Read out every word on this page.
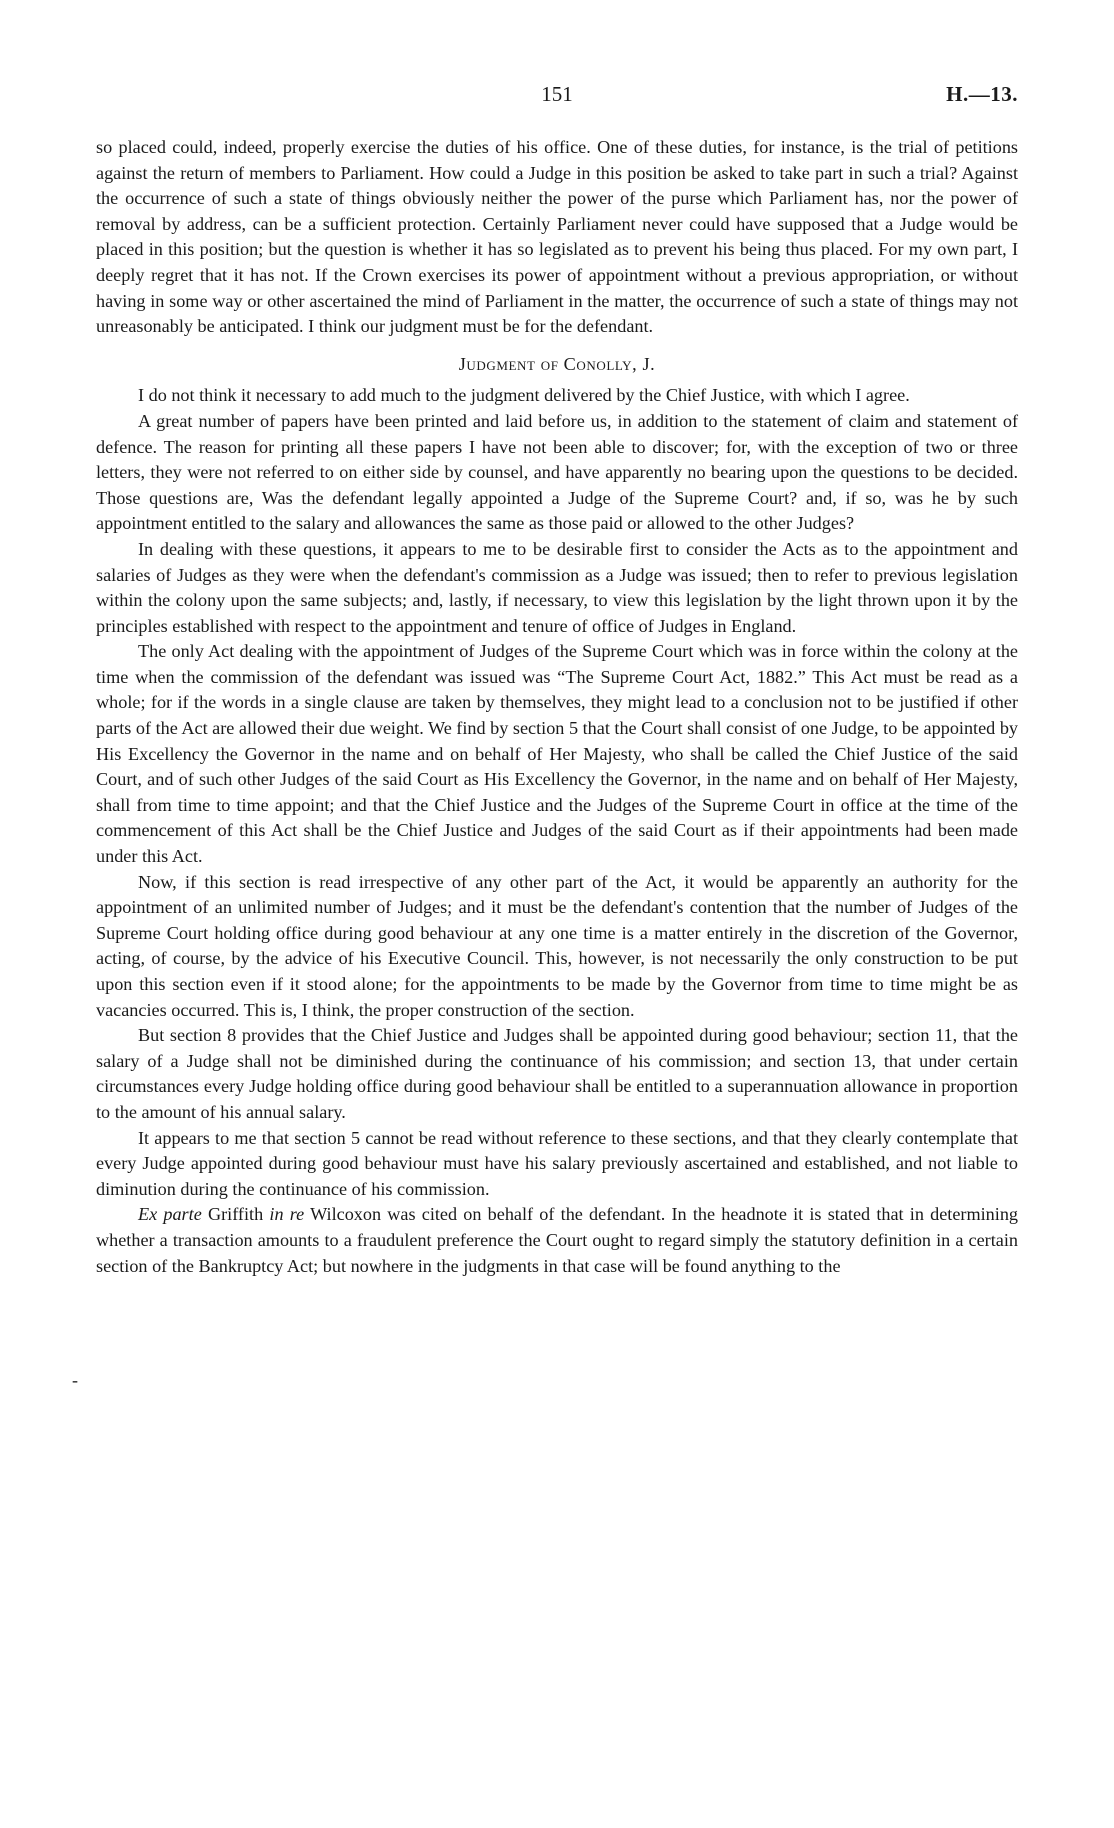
151	H.—13.
-

so placed could, indeed, properly exercise the duties of his office. One of these duties, for instance, is the trial of petitions against the return of members to Parliament. How could a Judge in this position be asked to take part in such a trial? Against the occurrence of such a state of things obviously neither the power of the purse which Parliament has, nor the power of removal by address, can be a sufficient protection. Certainly Parliament never could have supposed that a Judge would be placed in this position; but the question is whether it has so legislated as to prevent his being thus placed. For my own part, I deeply regret that it has not. If the Crown exercises its power of appointment without a previous appropriation, or without having in some way or other ascertained the mind of Parliament in the matter, the occurrence of such a state of things may not unreasonably be anticipated. I think our judgment must be for the defendant.

Judgment of Conolly, J.

I do not think it necessary to add much to the judgment delivered by the Chief Justice, with which I agree.

A great number of papers have been printed and laid before us, in addition to the statement of claim and statement of defence. The reason for printing all these papers I have not been able to discover; for, with the exception of two or three letters, they were not referred to on either side by counsel, and have apparently no bearing upon the questions to be decided. Those questions are, Was the defendant legally appointed a Judge of the Supreme Court? and, if so, was he by such appointment entitled to the salary and allowances the same as those paid or allowed to the other Judges?

In dealing with these questions, it appears to me to be desirable first to consider the Acts as to the appointment and salaries of Judges as they were when the defendant's commission as a Judge was issued; then to refer to previous legislation within the colony upon the same subjects; and, lastly, if necessary, to view this legislation by the light thrown upon it by the principles established with respect to the appointment and tenure of office of Judges in England.

The only Act dealing with the appointment of Judges of the Supreme Court which was in force within the colony at the time when the commission of the defendant was issued was “The Supreme Court Act, 1882.” This Act must be read as a whole; for if the words in a single clause are taken by themselves, they might lead to a conclusion not to be justified if other parts of the Act are allowed their due weight. We find by section 5 that the Court shall consist of one Judge, to be appointed by His Excellency the Governor in the name and on behalf of Her Majesty, who shall be called the Chief Justice of the said Court, and of such other Judges of the said Court as His Excellency the Governor, in the name and on behalf of Her Majesty, shall from time to time appoint; and that the Chief Justice and the Judges of the Supreme Court in office at the time of the commencement of this Act shall be the Chief Justice and Judges of the said Court as if their appointments had been made under this Act.

Now, if this section is read irrespective of any other part of the Act, it would be apparently an authority for the appointment of an unlimited number of Judges; and it must be the defendant's contention that the number of Judges of the Supreme Court holding office during good behaviour at any one time is a matter entirely in the discretion of the Governor, acting, of course, by the advice of his Executive Council. This, however, is not necessarily the only construction to be put upon this section even if it stood alone; for the appointments to be made by the Governor from time to time might be as vacancies occurred. This is, I think, the proper construction of the section.

But section 8 provides that the Chief Justice and Judges shall be appointed during good behaviour; section 11, that the salary of a Judge shall not be diminished during the continuance of his commission; and section 13, that under certain circumstances every Judge holding office during good behaviour shall be entitled to a superannuation allowance in proportion to the amount of his annual salary.

It appears to me that section 5 cannot be read without reference to these sections, and that they clearly contemplate that every Judge appointed during good behaviour must have his salary previously ascertained and established, and not liable to diminution during the continuance of his commission.

Ex parte Griffith in re Wilcoxon was cited on behalf of the defendant. In the headnote it is stated that in determining whether a transaction amounts to a fraudulent preference the Court ought to regard simply the statutory definition in a certain section of the Bankruptcy Act; but nowhere in the judgments in that case will be found anything to the
